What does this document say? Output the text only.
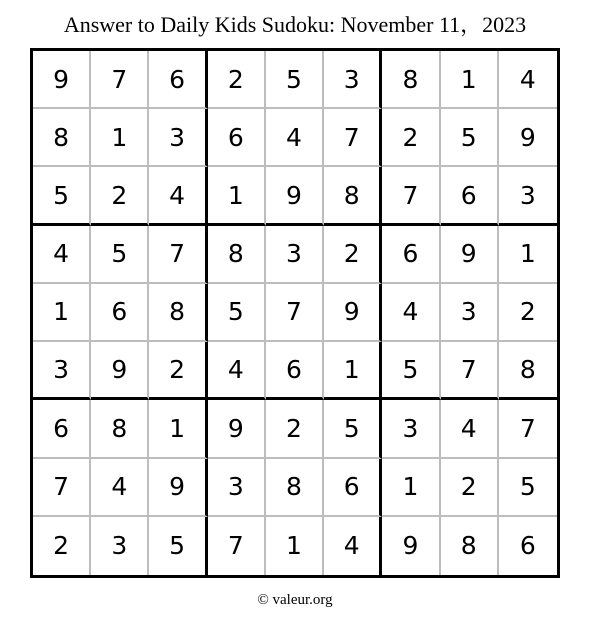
Answer to Daily Kids Sudoku: November 11，2023
9	7	6	2	5	3	8	1	4
8	1	3	6	4	7	2	5	9
5	2	4	1	9	8	7	6	3
4	5	7	8	3	2	6	9	1
1	6	8	5	7	9	4	3	2
3	9	2	4	6	1	5	7	8
6	8	1	9	2	5	3	4	7
7	4	9	3	8	6	1	2	5
2	3	5	7	1	4	9	8	6
© valeur.org
